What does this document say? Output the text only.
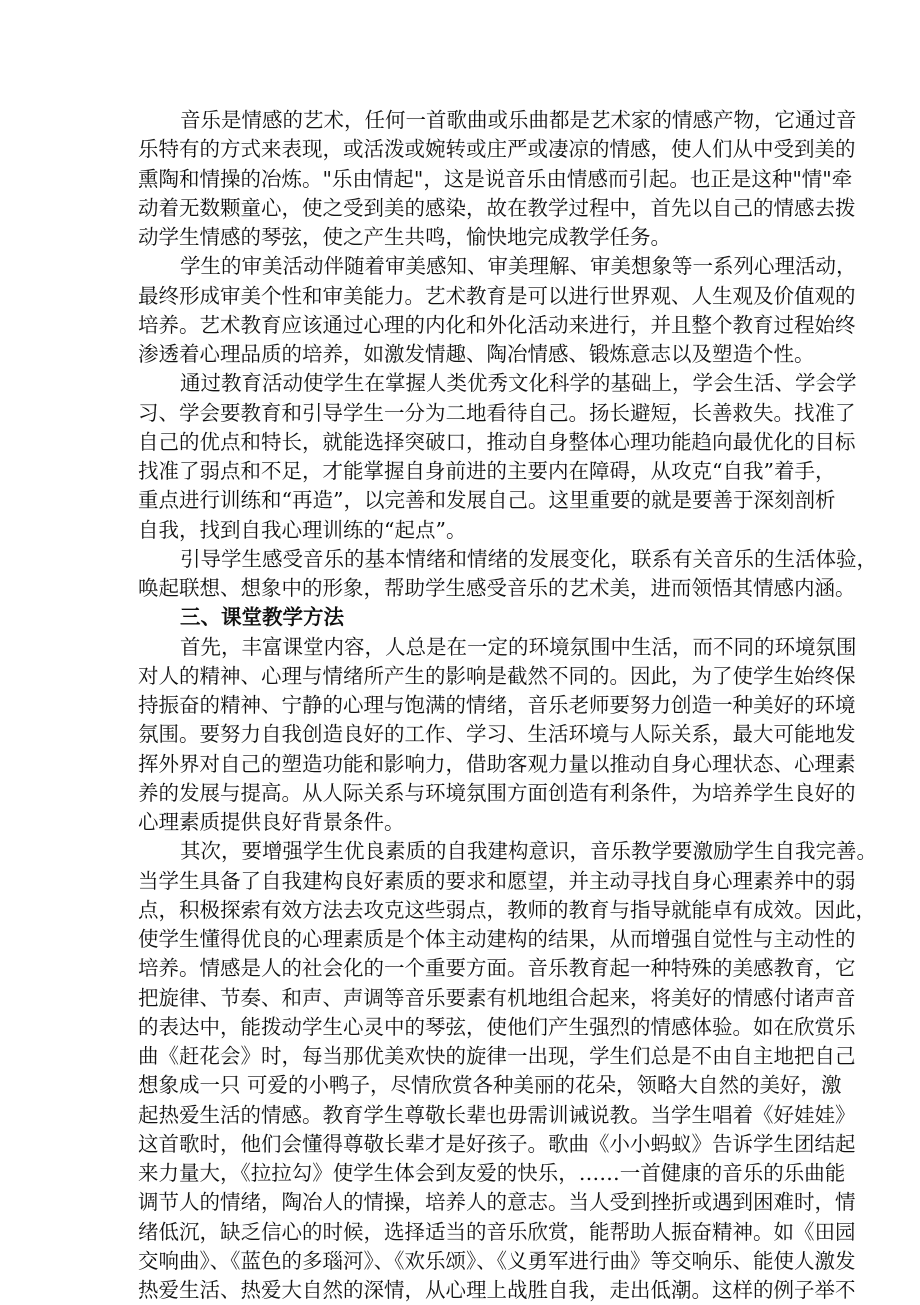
音乐是情感的艺术，任何一首歌曲或乐曲都是艺术家的情感产物，它通过音
乐特有的方式来表现，或活泼或婉转或庄严或凄凉的情感，使人们从中受到美的
熏陶和情操的冶炼。"乐由情起"，这是说音乐由情感而引起。也正是这种"情"牵
动着无数颗童心，使之受到美的感染，故在教学过程中，首先以自己的情感去拨
动学生情感的琴弦，使之产生共鸣，愉快地完成教学任务。
学生的审美活动伴随着审美感知、审美理解、审美想象等一系列心理活动，
最终形成审美个性和审美能力。艺术教育是可以进行世界观、人生观及价值观的
培养。艺术教育应该通过心理的内化和外化活动来进行，并且整个教育过程始终
渗透着心理品质的培养，如激发情趣、陶冶情感、锻炼意志以及塑造个性。
通过教育活动使学生在掌握人类优秀文化科学的基础上，学会生活、学会学
习、学会要教育和引导学生一分为二地看待自己。扬长避短，长善救失。找准了
自己的优点和特长，就能选择突破口，推动自身整体心理功能趋向最优化的目标
找准了弱点和不足，才能掌握自身前进的主要内在障碍，从攻克“自我”着手，
重点进行训练和“再造”，以完善和发展自己。这里重要的就是要善于深刻剖析
自我，找到自我心理训练的“起点”。
引导学生感受音乐的基本情绪和情绪的发展变化，联系有关音乐的生活体验，
唤起联想、想象中的形象，帮助学生感受音乐的艺术美，进而领悟其情感内涵。
三、课堂教学方法
首先，丰富课堂内容，人总是在一定的环境氛围中生活，而不同的环境氛围
对人的精神、心理与情绪所产生的影响是截然不同的。因此，为了使学生始终保
持振奋的精神、宁静的心理与饱满的情绪，音乐老师要努力创造一种美好的环境
氛围。要努力自我创造良好的工作、学习、生活环境与人际关系，最大可能地发
挥外界对自己的塑造功能和影响力，借助客观力量以推动自身心理状态、心理素
养的发展与提高。从人际关系与环境氛围方面创造有利条件，为培养学生良好的
心理素质提供良好背景条件。
其次，要增强学生优良素质的自我建构意识，音乐教学要激励学生自我完善。
当学生具备了自我建构良好素质的要求和愿望，并主动寻找自身心理素养中的弱
点，积极探索有效方法去攻克这些弱点，教师的教育与指导就能卓有成效。因此，
使学生懂得优良的心理素质是个体主动建构的结果，从而增强自觉性与主动性的
培养。情感是人的社会化的一个重要方面。音乐教育起一种特殊的美感教育，它
把旋律、节奏、和声、声调等音乐要素有机地组合起来，将美好的情感付诸声音
的表达中，能拨动学生心灵中的琴弦，使他们产生强烈的情感体验。如在欣赏乐
曲《赶花会》时，每当那优美欢快的旋律一出现，学生们总是不由自主地把自己
想象成一只 可爱的小鸭子，尽情欣赏各种美丽的花朵，领略大自然的美好，激
起热爱生活的情感。教育学生尊敬长辈也毋需训诫说教。当学生唱着《好娃娃》
这首歌时，他们会懂得尊敬长辈才是好孩子。歌曲《小小蚂蚁》告诉学生团结起
来力量大，《拉拉勾》使学生体会到友爱的快乐，……一首健康的音乐的乐曲能
调节人的情绪，陶冶人的情操，培养人的意志。当人受到挫折或遇到困难时，情
绪低沉，缺乏信心的时候，选择适当的音乐欣赏，能帮助人振奋精神。如《田园
交响曲》、《蓝色的多瑙河》、《欢乐颂》、《义勇军进行曲》等交响乐、能使人激发
热爱生活、热爱大自然的深情，从心理上战胜自我，走出低潮。这样的例子举不
